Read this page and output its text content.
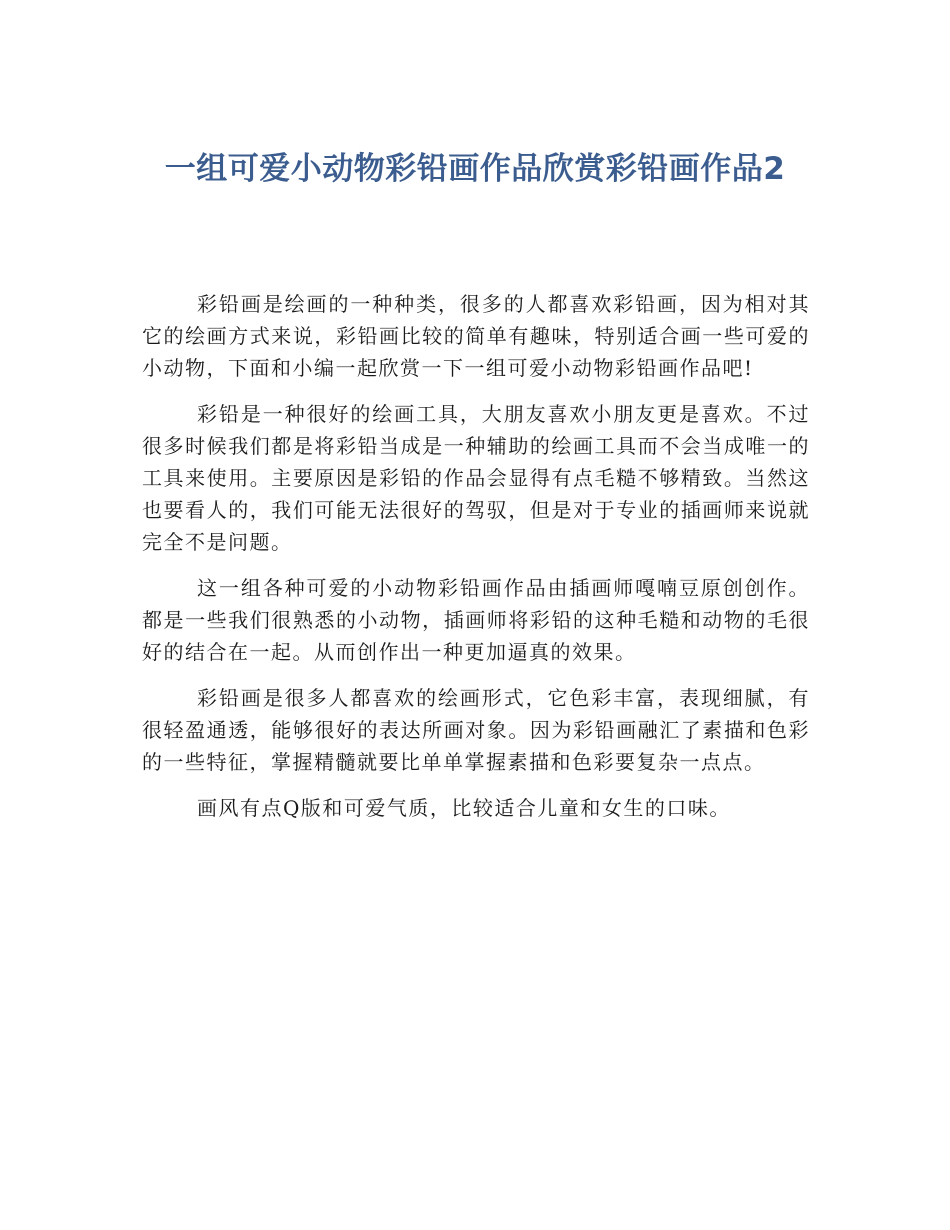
一组可爱小动物彩铅画作品欣赏彩铅画作品2

彩铅画是绘画的一种种类，很多的人都喜欢彩铅画，因为相对其它的绘画方式来说，彩铅画比较的简单有趣味，特别适合画一些可爱的小动物，下面和小编一起欣赏一下一组可爱小动物彩铅画作品吧!

彩铅是一种很好的绘画工具，大朋友喜欢小朋友更是喜欢。不过很多时候我们都是将彩铅当成是一种辅助的绘画工具而不会当成唯一的工具来使用。主要原因是彩铅的作品会显得有点毛糙不够精致。当然这也要看人的，我们可能无法很好的驾驭，但是对于专业的插画师来说就完全不是问题。

这一组各种可爱的小动物彩铅画作品由插画师嘎喃豆原创创作。都是一些我们很熟悉的小动物，插画师将彩铅的这种毛糙和动物的毛很好的结合在一起。从而创作出一种更加逼真的效果。

彩铅画是很多人都喜欢的绘画形式，它色彩丰富，表现细腻，有很轻盈通透，能够很好的表达所画对象。因为彩铅画融汇了素描和色彩的一些特征，掌握精髓就要比单单掌握素描和色彩要复杂一点点。

画风有点Q版和可爱气质，比较适合儿童和女生的口味。
